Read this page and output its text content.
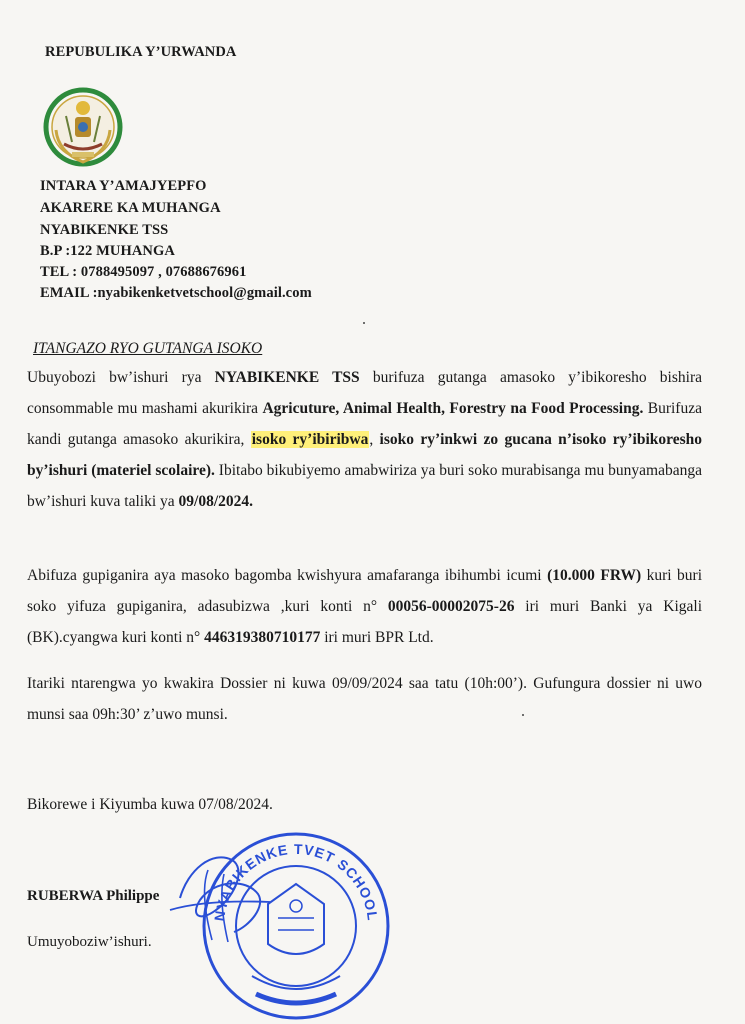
REPUBULIKA Y’URWANDA
INTARA Y’AMAJYEPFO
AKARERE KA MUHANGA
NYABIKENKE TSS
B.P :122 MUHANGA
TEL : 0788495097 , 07688676961
EMAIL :nyabikenketvetschool@gmail.com
ITANGAZO RYO GUTANGA ISOKO
Ubuyobozi bw’ishuri rya NYABIKENKE TSS burifuza gutanga amasoko y’ibikoresho bishira consommable mu mashami akurikira Agricuture, Animal Health, Forestry na Food Processing. Burifuza kandi gutanga amasoko akurikira, isoko ry’ibiribwa, isoko ry’inkwi zo gucana n’isoko ry’ibikoresho by’ishuri (materiel scolaire). Ibitabo bikubiyemo amabwiriza ya buri soko murabisanga mu bunyamabanga bw’ishuri kuva taliki ya 09/08/2024.
Abifuza gupiganira aya masoko bagomba kwishyura amafaranga ibihumbi icumi (10.000 FRW) kuri buri soko yifuza gupiganira, adasubizwa ,kuri konti n° 00056-00002075-26 iri muri Banki ya Kigali (BK).cyangwa kuri konti n° 446319380710177 iri muri BPR Ltd.
Itariki ntarengwa yo kwakira Dossier ni kuwa 09/09/2024 saa tatu (10h:00’). Gufungura dossier ni uwo munsi saa 09h:30’ z’uwo munsi.
Bikorewe i Kiyumba kuwa 07/08/2024.
NYABIKENKE TVET SCHOOL
RUBERWA Philippe
Umuyoboziw’ishuri.
